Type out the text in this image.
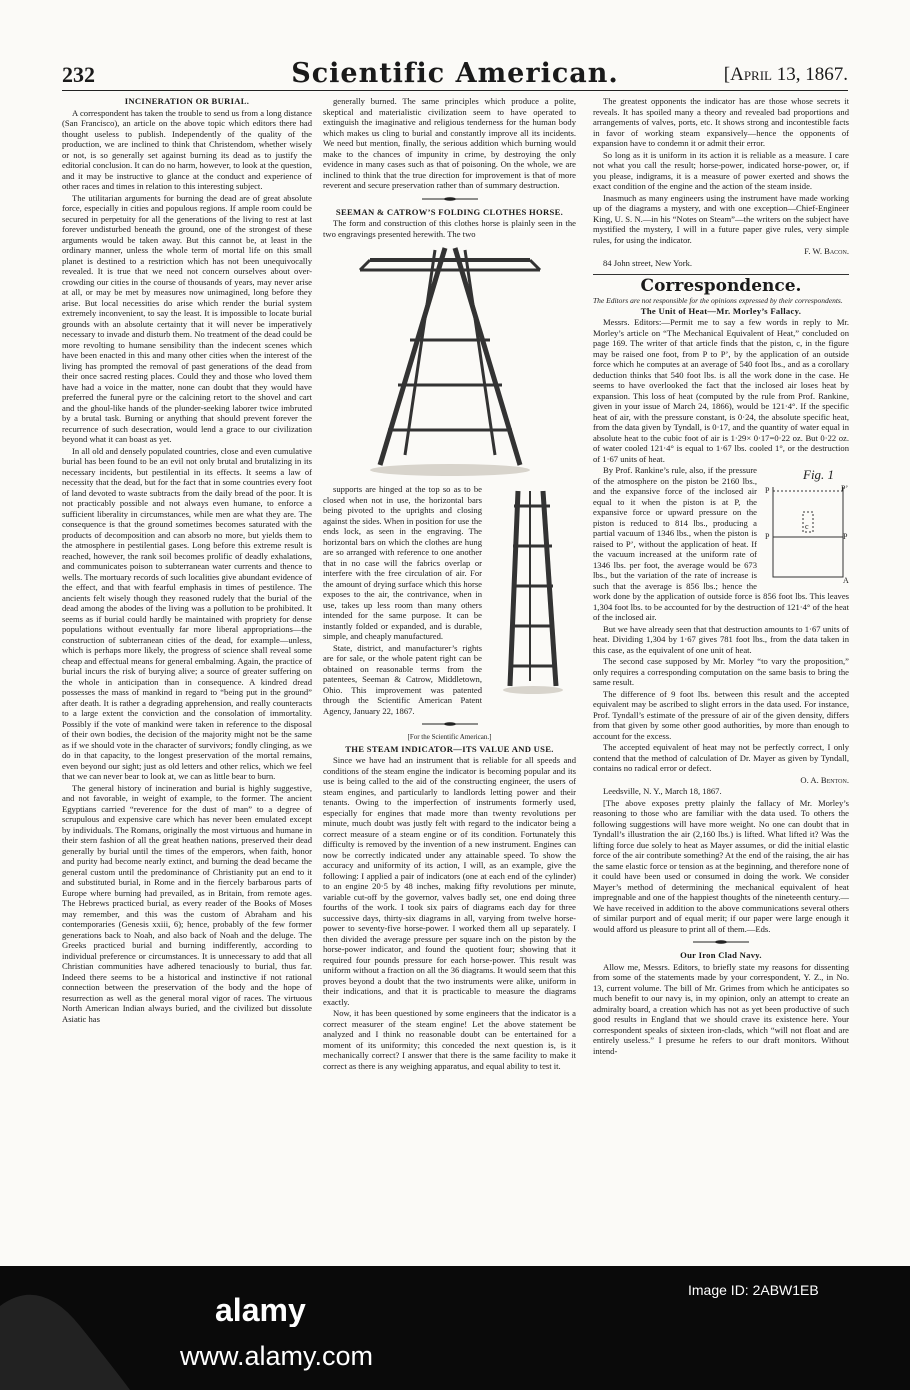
232	Scientific American.	[April 13, 1867.

INCINERATION OR BURIAL.

A correspondent has taken the trouble to send us from a long distance (San Francisco), an article on the above topic which editors there had thought useless to publish. Independently of the quality of the production, we are inclined to think that Christendom, whether wisely or not, is so generally set against burning its dead as to justify the editorial conclusion. It can do no harm, however, to look at the question, and it may be instructive to glance at the conduct and experience of other races and times in relation to this interesting subject.

The utilitarian arguments for burning the dead are of great absolute force, especially in cities and populous regions. If ample room could be secured in perpetuity for all the generations of the living to rest at last forever undisturbed beneath the ground, one of the strongest of these arguments would be taken away. But this cannot be, at least in the ordinary manner, unless the whole term of mortal life on this small planet is destined to a restriction which has not been unequivocally revealed. It is true that we need not concern ourselves about over-crowding our cities in the course of thousands of years, may never arise at all, or may be met by measures now unimagined, long before they arise. But local necessities do arise which render the burial system extremely inconvenient, to say the least. It is impossible to locate burial grounds with an absolute certainty that it will never be imperatively necessary to invade and disturb them. No treatment of the dead could be more revolting to humane sensibility than the indecent scenes which have been enacted in this and many other cities when the interest of the living has prompted the removal of past generations of the dead from their once sacred resting places. Could they and those who loved them have had a voice in the matter, none can doubt that they would have preferred the funeral pyre or the calcining retort to the shovel and cart and the ghoul-like hands of the plunder-seeking laborer twice imbruted by a brutal task. Burning or anything that should prevent forever the recurrence of such desecration, would lend a grace to our civilization beyond what it can boast as yet.

In all old and densely populated countries, close and even cumulative burial has been found to be an evil not only brutal and brutalizing in its necessary incidents, but pestilential in its effects. It seems a law of necessity that the dead, but for the fact that in some countries every foot of land devoted to waste subtracts from the daily bread of the poor. It is not practicably possible and not always even humane, to enforce a sufficient liberality in circumstances, while men are what they are. The consequence is that the ground sometimes becomes saturated with the products of decomposition and can absorb no more, but yields them to the atmosphere in pestilential gases. Long before this extreme result is reached, however, the rank soil becomes prolific of deadly exhalations, and communicates poison to subterranean water currents and thence to wells. The mortuary records of such localities give abundant evidence of the effect, and that with fearful emphasis in times of pestilence. The ancients felt wisely though they reasoned rudely that the burial of the dead among the abodes of the living was a pollution to be prohibited. It seems as if burial could hardly be maintained with propriety for dense populations without eventually far more liberal appropriations—the construction of subterranean cities of the dead, for example—unless, which is perhaps more likely, the progress of science shall reveal some cheap and effectual means for general embalming. Again, the practice of burial incurs the risk of burying alive; a source of greater suffering on the whole in anticipation than in consequence. A kindred dread possesses the mass of mankind in regard to “being put in the ground” after death. It is rather a degrading apprehension, and really counteracts to a large extent the conviction and the consolation of immortality. Possibly if the vote of mankind were taken in reference to the disposal of their own bodies, the decision of the majority might not be the same as if we should vote in the character of survivors; fondly clinging, as we do in that capacity, to the longest preservation of the mortal remains, even beyond our sight; just as old letters and other relics, which we feel that we can never bear to look at, we can as little bear to burn.

The general history of incineration and burial is highly suggestive, and not favorable, in weight of example, to the former. The ancient Egyptians carried “reverence for the dust of man” to a degree of scrupulous and expensive care which has never been emulated except by individuals. The Romans, originally the most virtuous and humane in their stern fashion of all the great heathen nations, preserved their dead generally by burial until the times of the emperors, when faith, honor and purity had become nearly extinct, and burning the dead became the general custom until the predominance of Christianity put an end to it and substituted burial, in Rome and in the fiercely barbarous parts of Europe where burning had prevailed, as in Britain, from remote ages. The Hebrews practiced burial, as every reader of the Books of Moses may remember, and this was the custom of Abraham and his contemporaries (Genesis xxiii, 6); hence, probably of the few former generations back to Noah, and also back of Noah and the deluge. The Greeks practiced burial and burning indifferently, according to individual preference or circumstances. It is unnecessary to add that all Christian communities have adhered tenaciously to burial, thus far. Indeed there seems to be a historical and instinctive if not rational connection between the preservation of the body and the hope of resurrection as well as the general moral vigor of races. The virtuous North American Indian always buried, and the civilized but dissolute Asiatic has

generally burned. The same principles which produce a polite, skeptical and materialistic civilization seem to have operated to extinguish the imaginative and religious tenderness for the human body which makes us cling to burial and constantly improve all its incidents. We need but mention, finally, the serious addition which burning would make to the chances of impunity in crime, by destroying the only evidence in many cases such as that of poisoning. On the whole, we are inclined to think that the true direction for improvement is that of more reverent and secure preservation rather than of summary destruction.

SEEMAN & CATROW’S FOLDING CLOTHES HORSE.

The form and construction of this clothes horse is plainly seen in the two engravings presented herewith. The two

supports are hinged at the top so as to be closed when not in use, the horizontal bars being pivoted to the uprights and closing against the sides. When in position for use the ends lock, as seen in the engraving. The horizontal bars on which the clothes are hung are so arranged with reference to one another that in no case will the fabrics overlap or interfere with the free circulation of air. For the amount of drying surface which this horse exposes to the air, the contrivance, when in use, takes up less room than many others intended for the same purpose. It can be instantly folded or expanded, and is durable, simple, and cheaply manufactured.

State, district, and manufacturer’s rights are for sale, or the whole patent right can be obtained on reasonable terms from the patentees, Seeman & Catrow, Middletown, Ohio. This improvement was patented through the Scientific American Patent Agency, January 22, 1867.

[For the Scientific American.]

THE STEAM INDICATOR—ITS VALUE AND USE.

Since we have had an instrument that is reliable for all speeds and conditions of the steam engine the indicator is becoming popular and its use is being called to the aid of the constructing engineer, the users of steam engines, and particularly to landlords letting power and their tenants. Owing to the imperfection of instruments formerly used, especially for engines that made more than twenty revolutions per minute, much doubt was justly felt with regard to the indicator being a correct measure of a steam engine or of its condition. Fortunately this difficulty is removed by the invention of a new instrument. Engines can now be correctly indicated under any attainable speed. To show the accuracy and uniformity of its action, I will, as an example, give the following: I applied a pair of indicators (one at each end of the cylinder) to an engine 20·5 by 48 inches, making fifty revolutions per minute, variable cut-off by the governor, valves badly set, one end doing three fourths of the work. I took six pairs of diagrams each day for three successive days, thirty-six diagrams in all, varying from twelve horse-power to seventy-five horse-power. I worked them all up separately. I then divided the average pressure per square inch on the piston by the horse-power indicator, and found the quotient four; showing that it required four pounds pressure for each horse-power. This result was uniform without a fraction on all the 36 diagrams. It would seem that this proves beyond a doubt that the two instruments were alike, uniform in their indications, and that it is practicable to measure the diagrams exactly.

Now, it has been questioned by some engineers that the indicator is a correct measurer of the steam engine! Let the above statement be analyzed and I think no reasonable doubt can be entertained for a moment of its uniformity; this conceded the next question is, is it mechanically correct? I answer that there is the same facility to make it correct as there is any weighing apparatus, and equal ability to test it.

The greatest opponents the indicator has are those whose secrets it reveals. It has spoiled many a theory and revealed bad proportions and arrangements of valves, ports, etc. It shows strong and incontestible facts in favor of working steam expansively—hence the opponents of expansion have to condemn it or admit their error.

So long as it is uniform in its action it is reliable as a measure. I care not what you call the result; horse-power, indicated horse-power, or, if you please, indigrams, it is a measure of power exerted and shows the exact condition of the engine and the action of the steam inside.

Inasmuch as many engineers using the instrument have made working up of the diagrams a mystery, and with one exception—Chief-Engineer King, U. S. N.—in his “Notes on Steam”—the writers on the subject have mystified the mystery, I will in a future paper give rules, very simple rules, for using the indicator.

F. W. Bacon.

84 John street, New York.

Correspondence.

The Editors are not responsible for the opinions expressed by their correspondents.

The Unit of Heat—Mr. Morley’s Fallacy.

Messrs. Editors:—Permit me to say a few words in reply to Mr. Morley’s article on “The Mechanical Equivalent of Heat,” concluded on page 169. The writer of that article finds that the piston, c, in the figure may be raised one foot, from P to P’, by the application of an outside force which he computes at an average of 540 foot lbs., and as a corollary deduction thinks that 540 foot lbs. is all the work done in the case. He seems to have overlooked the fact that the inclosed air loses heat by expansion. This loss of heat (computed by the rule from Prof. Rankine, given in your issue of March 24, 1866), would be 121·4°. If the specific heat of air, with the pressure constant, is 0·24, the absolute specific heat, from the data given by Tyndall, is 0·17, and the quantity of water equal in absolute heat to the cubic foot of air is 1·29× 0·17=0·22 oz. But 0·22 oz. of water cooled 121·4° is equal to 1·67 lbs. cooled 1°, or the destruction of 1·67 units of heat.

Fig. 1
P	P’
c
P	P
A

By Prof. Rankine’s rule, also, if the pressure of the atmosphere on the piston be 2160 lbs., and the expansive force of the inclosed air equal to it when the piston is at P, the expansive force or upward pressure on the piston is reduced to 814 lbs., producing a partial vacuum of 1346 lbs., when the piston is raised to P’, without the application of heat. If the vacuum increased at the uniform rate of 1346 lbs. per foot, the average would be 673 lbs., but the variation of the rate of increase is such that the average is 856 lbs.; hence the work done by the application of outside force is 856 foot lbs. This leaves 1,304 foot lbs. to be accounted for by the destruction of 121·4° of the heat of the inclosed air.

But we have already seen that that destruction amounts to 1·67 units of heat. Dividing 1,304 by 1·67 gives 781 foot lbs., from the data taken in this case, as the equivalent of one unit of heat.

The second case supposed by Mr. Morley “to vary the proposition,” only requires a corresponding computation on the same basis to bring the same result.

The difference of 9 foot lbs. between this result and the accepted equivalent may be ascribed to slight errors in the data used. For instance, Prof. Tyndall’s estimate of the pressure of air of the given density, differs from that given by some other good authorities, by more than enough to account for the excess.

The accepted equivalent of heat may not be perfectly correct, I only contend that the method of calculation of Dr. Mayer as given by Tyndall, contains no radical error or defect.

O. A. Benton.

Leedsville, N. Y., March 18, 1867.

[The above exposes pretty plainly the fallacy of Mr. Morley’s reasoning to those who are familiar with the data used. To others the following suggestions will have more weight. No one can doubt that in Tyndall’s illustration the air (2,160 lbs.) is lifted. What lifted it? Was the lifting force due solely to heat as Mayer assumes, or did the initial elastic force of the air contribute something? At the end of the raising, the air has the same elastic force or tension as at the beginning, and therefore none of it could have been used or consumed in doing the work. We consider Mayer’s method of determining the mechanical equivalent of heat impregnable and one of the happiest thoughts of the nineteenth century.— We have received in addition to the above communications several others of similar purport and of equal merit; if our paper were large enough it would afford us pleasure to print all of them.—Eds.

Our Iron Clad Navy.

Allow me, Messrs. Editors, to briefly state my reasons for dissenting from some of the statements made by your correspondent, Y. Z., in No. 13, current volume. The bill of Mr. Grimes from which he anticipates so much benefit to our navy is, in my opinion, only an attempt to create an admiralty board, a creation which has not as yet been productive of such good results in England that we should crave its existence here. Your correspondent speaks of sixteen iron-clads, which “will not float and are entirely useless.” I presume he refers to our draft monitors. Without intend-

alamy
Image ID: 2ABW1EB
www.alamy.com
